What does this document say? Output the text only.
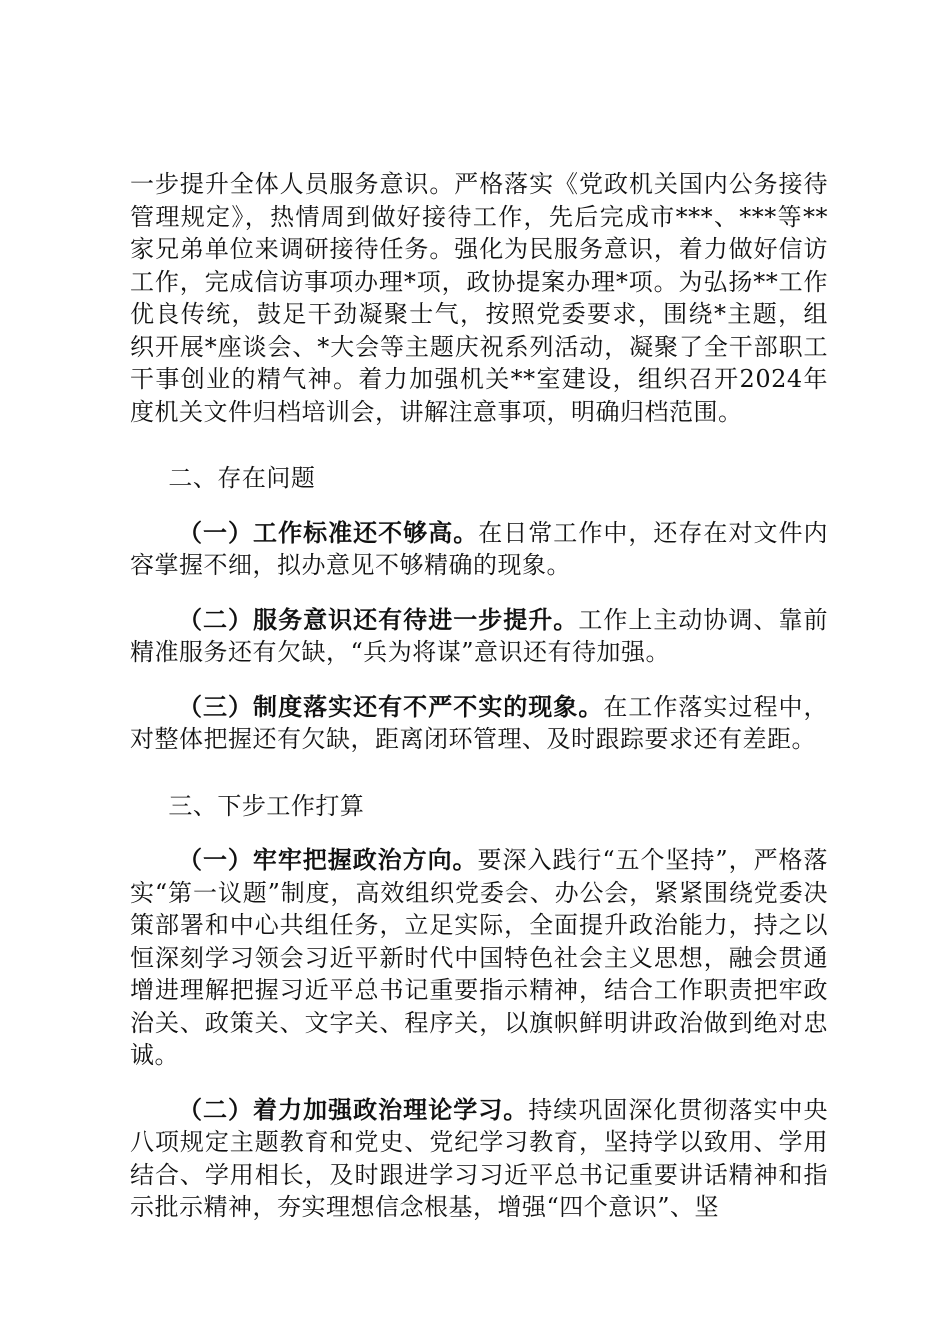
一步提升全体人员服务意识。严格落实《党政机关国内公务接待管理规定》，热情周到做好接待工作，先后完成市***、***等**家兄弟单位来调研接待任务。强化为民服务意识，着力做好信访工作，完成信访事项办理*项，政协提案办理*项。为弘扬**工作优良传统，鼓足干劲凝聚士气，按照党委要求，围绕*主题，组织开展*座谈会、*大会等主题庆祝系列活动，凝聚了全干部职工干事创业的精气神。着力加强机关**室建设，组织召开2024年度机关文件归档培训会，讲解注意事项，明确归档范围。

二、存在问题

（一）工作标准还不够高。在日常工作中，还存在对文件内容掌握不细，拟办意见不够精确的现象。

（二）服务意识还有待进一步提升。工作上主动协调、靠前精准服务还有欠缺，“兵为将谋”意识还有待加强。

（三）制度落实还有不严不实的现象。在工作落实过程中，对整体把握还有欠缺，距离闭环管理、及时跟踪要求还有差距。

三、下步工作打算

（一）牢牢把握政治方向。要深入践行“五个坚持”，严格落实“第一议题”制度，高效组织党委会、办公会，紧紧围绕党委决策部署和中心共组任务，立足实际，全面提升政治能力，持之以恒深刻学习领会习近平新时代中国特色社会主义思想，融会贯通增进理解把握习近平总书记重要指示精神，结合工作职责把牢政治关、政策关、文字关、程序关，以旗帜鲜明讲政治做到绝对忠诚。

（二）着力加强政治理论学习。持续巩固深化贯彻落实中央八项规定主题教育和党史、党纪学习教育，坚持学以致用、学用结合、学用相长，及时跟进学习习近平总书记重要讲话精神和指示批示精神，夯实理想信念根基，增强“四个意识”、坚
